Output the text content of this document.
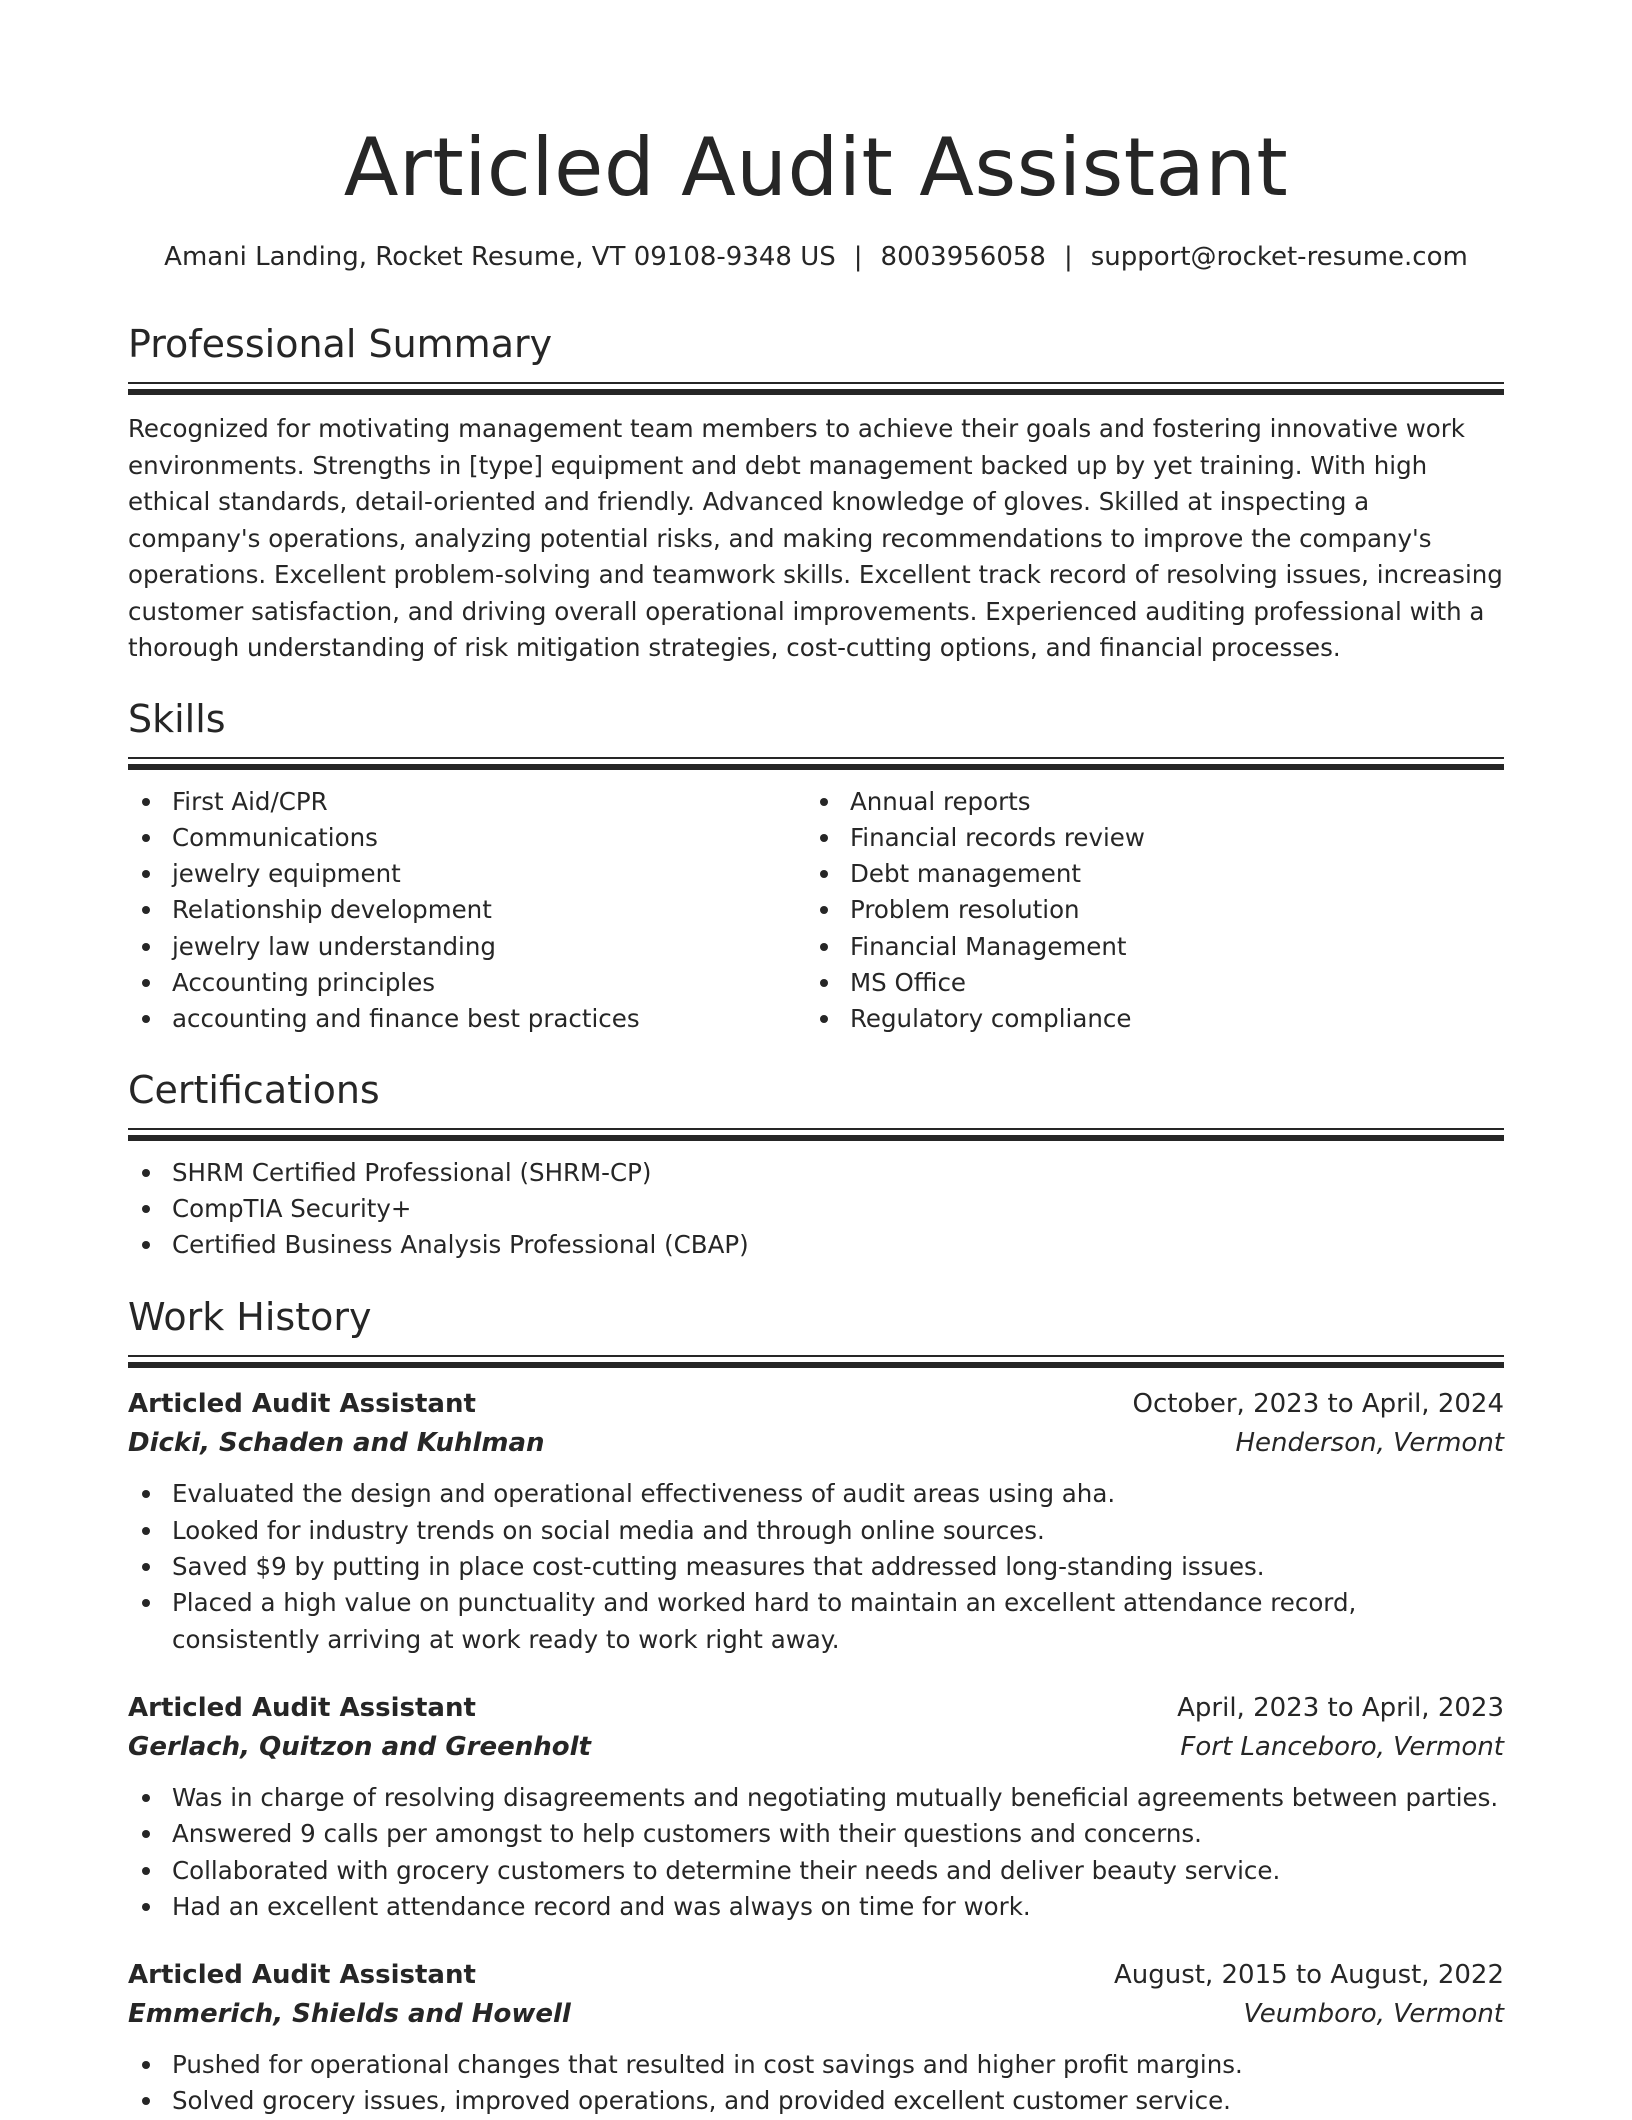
Articled Audit Assistant
Amani Landing, Rocket Resume, VT 09108-9348 US | 8003956058 | support@rocket-resume.com
Professional Summary
Recognized for motivating management team members to achieve their goals and fostering innovative work environments. Strengths in [type] equipment and debt management backed up by yet training. With high ethical standards, detail-oriented and friendly. Advanced knowledge of gloves. Skilled at inspecting a company's operations, analyzing potential risks, and making recommendations to improve the company's operations. Excellent problem-solving and teamwork skills. Excellent track record of resolving issues, increasing customer satisfaction, and driving overall operational improvements. Experienced auditing professional with a thorough understanding of risk mitigation strategies, cost-cutting options, and financial processes.
Skills
First Aid/CPR
Communications
jewelry equipment
Relationship development
jewelry law understanding
Accounting principles
accounting and finance best practices
Annual reports
Financial records review
Debt management
Problem resolution
Financial Management
MS Office
Regulatory compliance
Certifications
SHRM Certified Professional (SHRM-CP)
CompTIA Security+
Certified Business Analysis Professional (CBAP)
Work History
Articled Audit Assistant	October, 2023 to April, 2024
Dicki, Schaden and Kuhlman	Henderson, Vermont
Evaluated the design and operational effectiveness of audit areas using aha.
Looked for industry trends on social media and through online sources.
Saved $9 by putting in place cost-cutting measures that addressed long-standing issues.
Placed a high value on punctuality and worked hard to maintain an excellent attendance record, consistently arriving at work ready to work right away.
Articled Audit Assistant	April, 2023 to April, 2023
Gerlach, Quitzon and Greenholt	Fort Lanceboro, Vermont
Was in charge of resolving disagreements and negotiating mutually beneficial agreements between parties.
Answered 9 calls per amongst to help customers with their questions and concerns.
Collaborated with grocery customers to determine their needs and deliver beauty service.
Had an excellent attendance record and was always on time for work.
Articled Audit Assistant	August, 2015 to August, 2022
Emmerich, Shields and Howell	Veumboro, Vermont
Pushed for operational changes that resulted in cost savings and higher profit margins.
Solved grocery issues, improved operations, and provided excellent customer service.
